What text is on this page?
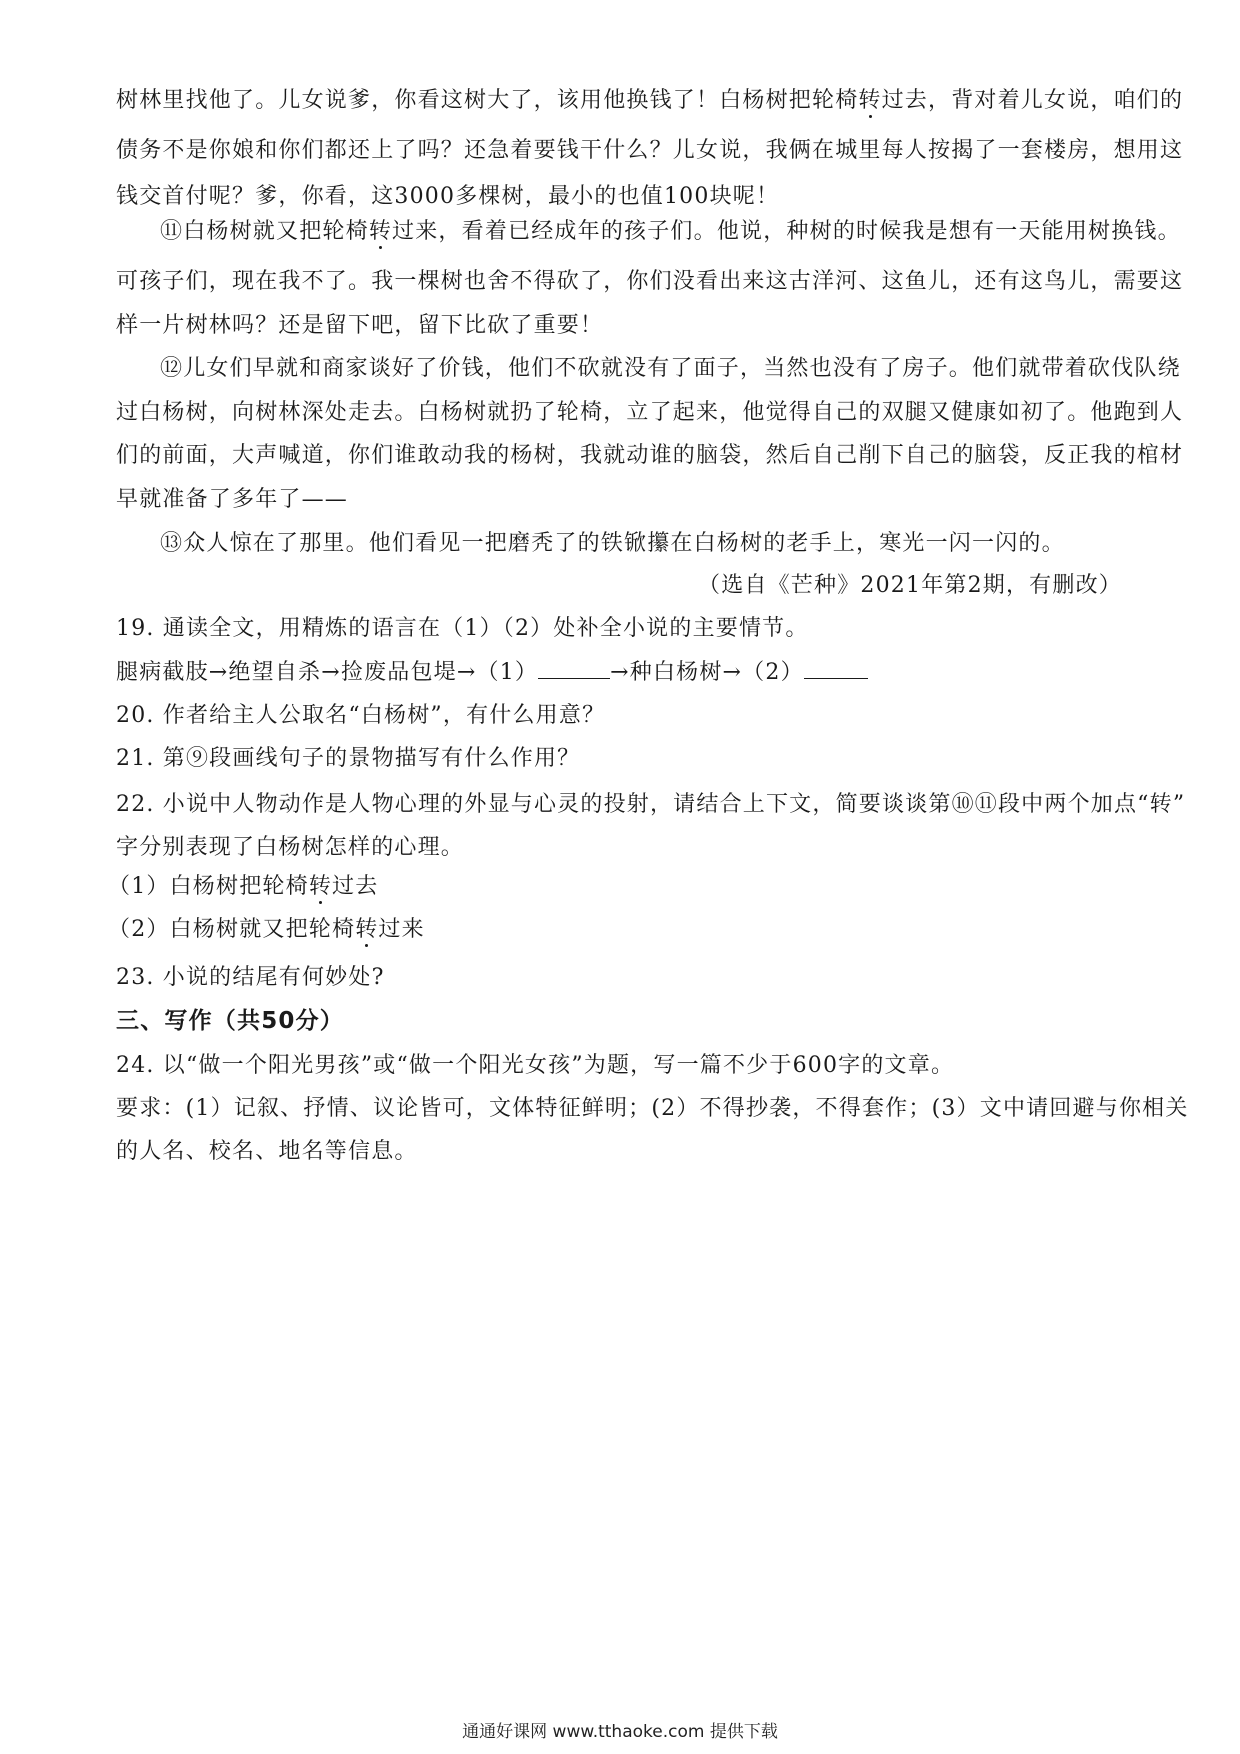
树林里找他了。儿女说爹，你看这树大了，该用他换钱了！白杨树把轮椅转过去，背对着儿女说，咱们的
债务不是你娘和你们都还上了吗？还急着要钱干什么？儿女说，我俩在城里每人按揭了一套楼房，想用这
钱交首付呢？爹，你看，这3000多棵树，最小的也值100块呢！
⑪白杨树就又把轮椅转过来，看着已经成年的孩子们。他说，种树的时候我是想有一天能用树换钱。
可孩子们，现在我不了。我一棵树也舍不得砍了，你们没看出来这古洋河、这鱼儿，还有这鸟儿，需要这
样一片树林吗？还是留下吧，留下比砍了重要！
⑫儿女们早就和商家谈好了价钱，他们不砍就没有了面子，当然也没有了房子。他们就带着砍伐队绕
过白杨树，向树林深处走去。白杨树就扔了轮椅，立了起来，他觉得自己的双腿又健康如初了。他跑到人
们的前面，大声喊道，你们谁敢动我的杨树，我就动谁的脑袋，然后自己削下自己的脑袋，反正我的棺材
早就准备了多年了——
⑬众人惊在了那里。他们看见一把磨秃了的铁锨攥在白杨树的老手上，寒光一闪一闪的。
（选自《芒种》2021年第2期，有删改）
19. 通读全文，用精炼的语言在（1）（2）处补全小说的主要情节。
腿病截肢→绝望自杀→捡废品包堤→（1）	→种白杨树→（2）
20. 作者给主人公取名“白杨树”，有什么用意？
21. 第⑨段画线句子的景物描写有什么作用？
22. 小说中人物动作是人物心理的外显与心灵的投射，请结合上下文，简要谈谈第⑩⑪段中两个加点“转”
字分别表现了白杨树怎样的心理。
（1）白杨树把轮椅转过去
（2）白杨树就又把轮椅转过来
23. 小说的结尾有何妙处?
三、写作（共50分）
24. 以“做一个阳光男孩”或“做一个阳光女孩”为题，写一篇不少于600字的文章。
要求：(1）记叙、抒情、议论皆可，文体特征鲜明；(2）不得抄袭，不得套作；(3）文中请回避与你相关
的人名、校名、地名等信息。
通通好课网 www.tthaoke.com 提供下载
